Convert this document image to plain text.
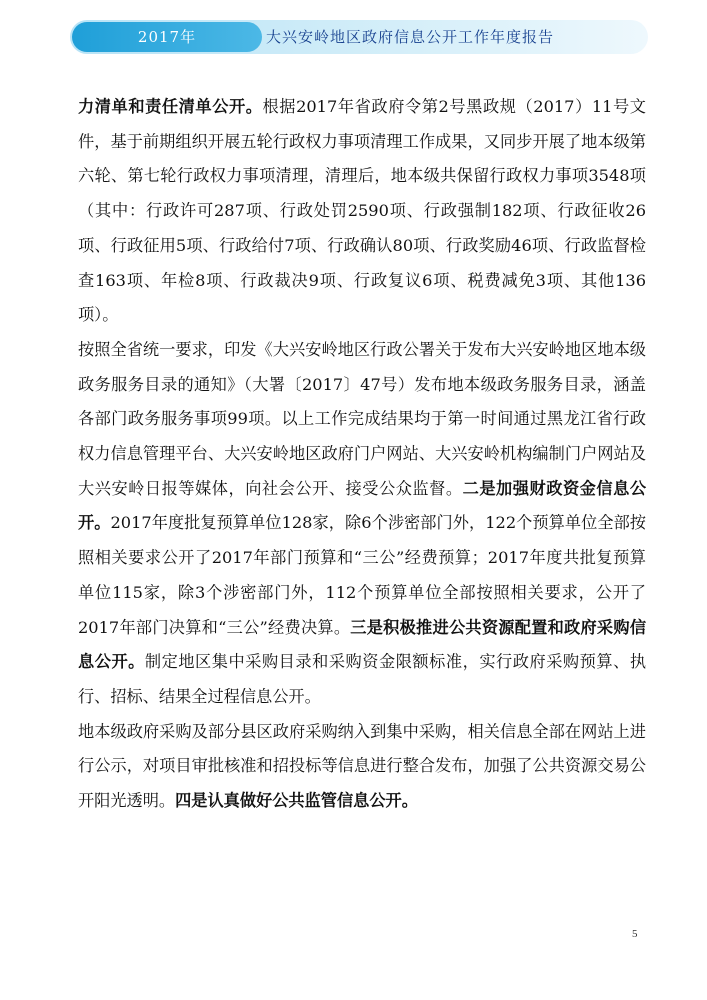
2017年	大兴安岭地区政府信息公开工作年度报告

力清单和责任清单公开。根据2017年省政府令第2号黑政规（2017）11号文件，基于前期组织开展五轮行政权力事项清理工作成果，又同步开展了地本级第六轮、第七轮行政权力事项清理，清理后，地本级共保留行政权力事项3548项（其中：行政许可287项、行政处罚2590项、行政强制182项、行政征收26项、行政征用5项、行政给付7项、行政确认80项、行政奖励46项、行政监督检查163项、年检8项、行政裁决9项、行政复议6项、税费减免3项、其他136项）。

按照全省统一要求，印发《大兴安岭地区行政公署关于发布大兴安岭地区地本级政务服务目录的通知》（大署〔2017〕47号）发布地本级政务服务目录，涵盖各部门政务服务事项99项。以上工作完成结果均于第一时间通过黑龙江省行政权力信息管理平台、大兴安岭地区政府门户网站、大兴安岭机构编制门户网站及大兴安岭日报等媒体，向社会公开、接受公众监督。二是加强财政资金信息公开。2017年度批复预算单位128家，除6个涉密部门外，122个预算单位全部按照相关要求公开了2017年部门预算和“三公”经费预算；2017年度共批复预算单位115家，除3个涉密部门外，112个预算单位全部按照相关要求，公开了2017年部门决算和“三公”经费决算。三是积极推进公共资源配置和政府采购信息公开。制定地区集中采购目录和采购资金限额标准，实行政府采购预算、执行、招标、结果全过程信息公开。

地本级政府采购及部分县区政府采购纳入到集中采购，相关信息全部在网站上进行公示，对项目审批核准和招投标等信息进行整合发布，加强了公共资源交易公开阳光透明。四是认真做好公共监管信息公开。

5
